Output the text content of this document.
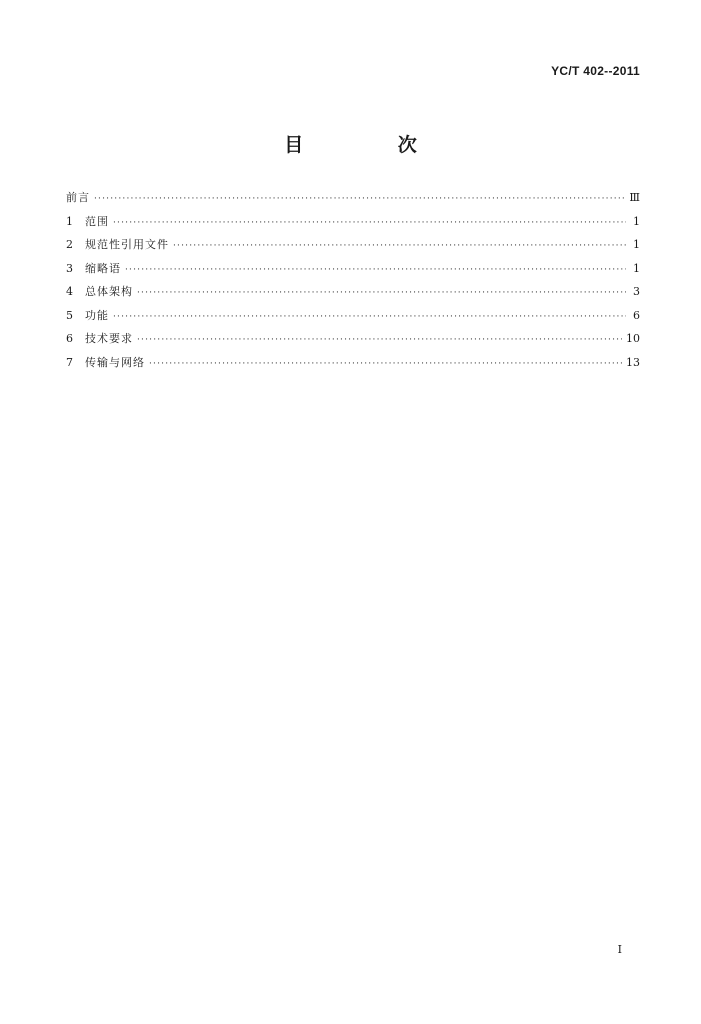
YC/T 402--2011
目 次
前言 ·····	Ⅲ
1	范围 ·····	1
2	规范性引用文件 ·····	1
3	缩略语 ·····	1
4	总体架构 ·····	3
5	功能 ·····	6
6	技术要求 ·····	10
7	传输与网络 ·····	13
I
